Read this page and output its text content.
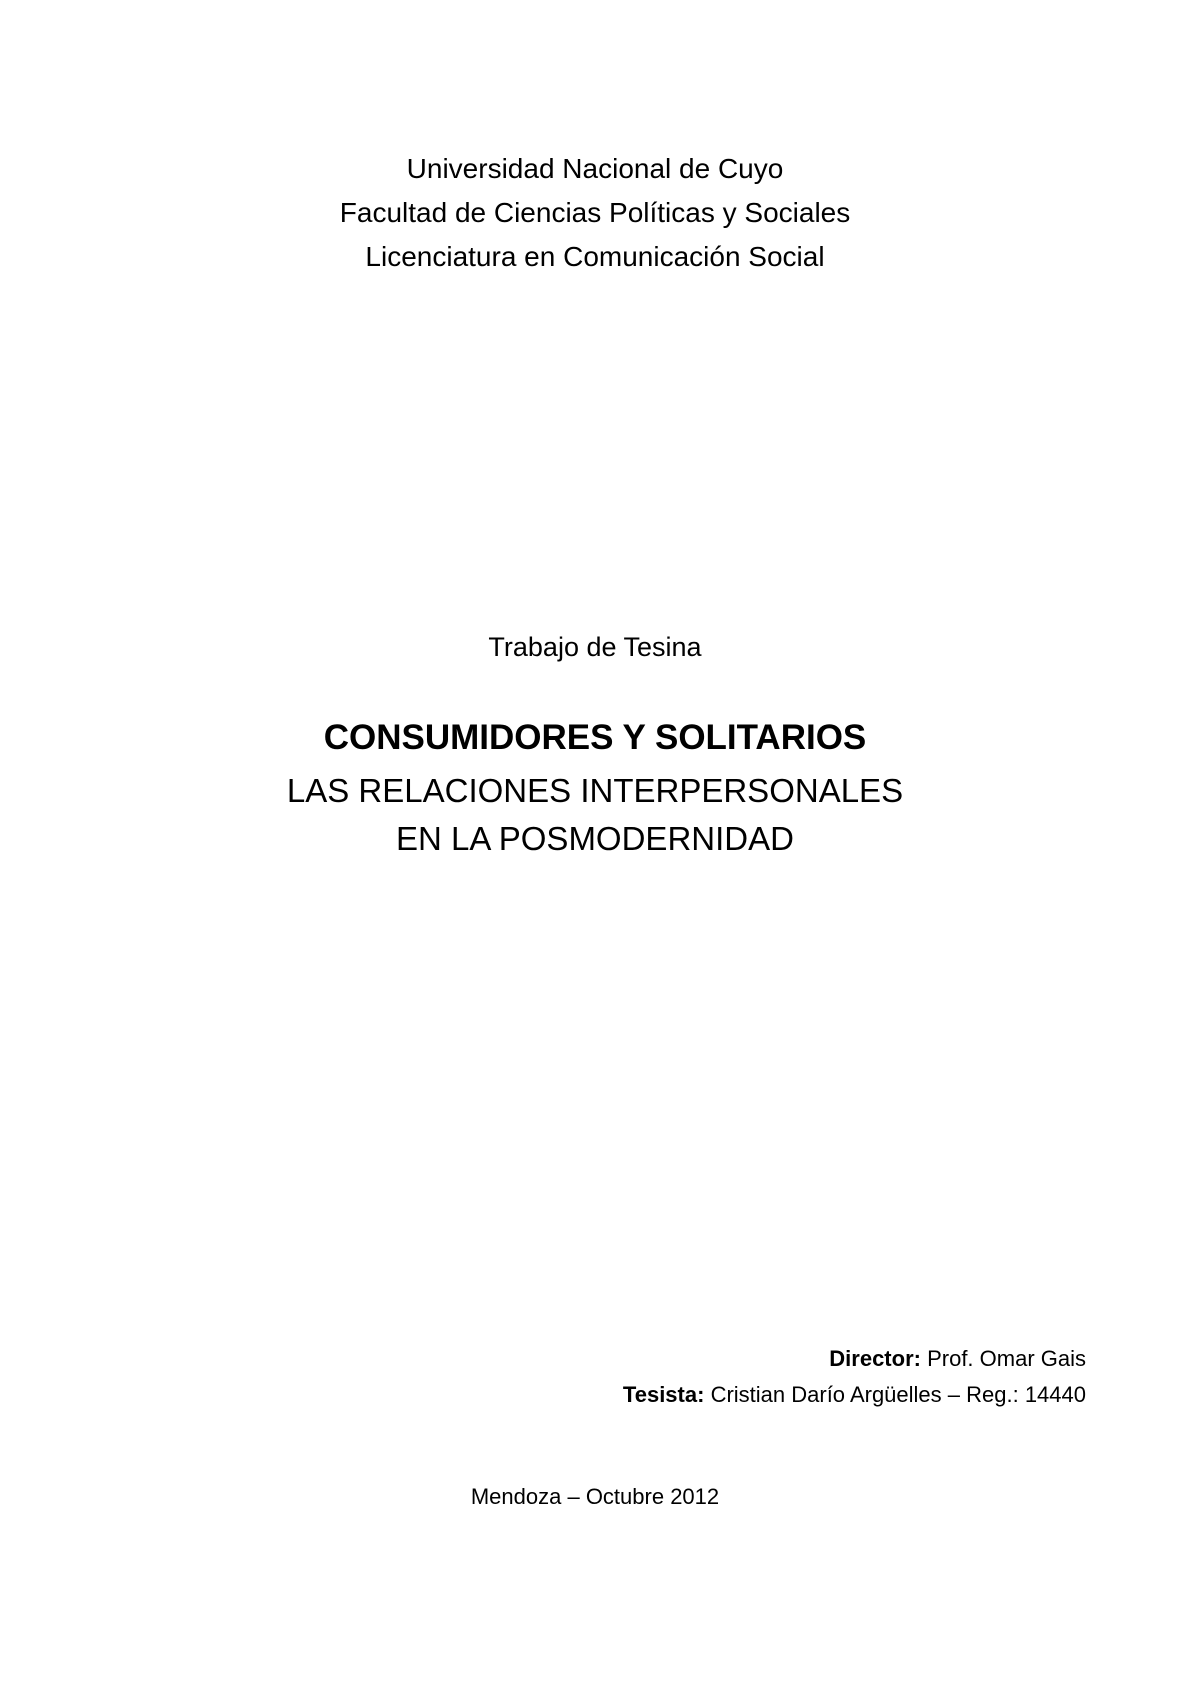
Universidad Nacional de Cuyo
Facultad de Ciencias Políticas y Sociales
Licenciatura en Comunicación Social
Trabajo de Tesina
CONSUMIDORES Y SOLITARIOS
LAS RELACIONES INTERPERSONALES
EN LA POSMODERNIDAD
Director: Prof. Omar Gais
Tesista: Cristian Darío Argüelles – Reg.: 14440
Mendoza – Octubre 2012
